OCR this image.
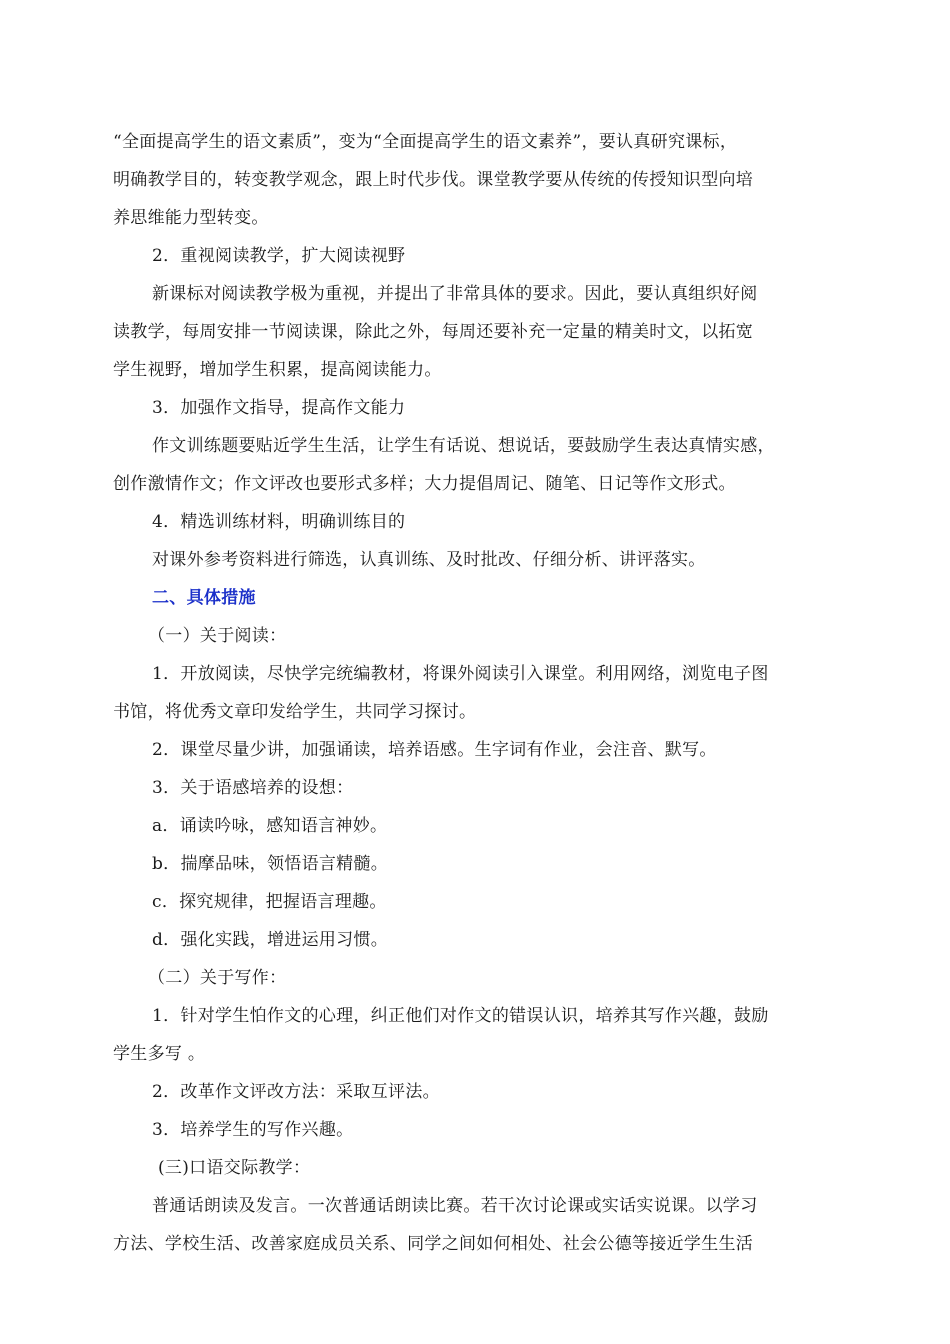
“全面提高学生的语文素质”，变为“全面提高学生的语文素养”，要认真研究课标，
明确教学目的，转变教学观念，跟上时代步伐。课堂教学要从传统的传授知识型向培
养思维能力型转变。
2．重视阅读教学，扩大阅读视野
新课标对阅读教学极为重视，并提出了非常具体的要求。因此，要认真组织好阅
读教学，每周安排一节阅读课，除此之外，每周还要补充一定量的精美时文，以拓宽
学生视野，增加学生积累，提高阅读能力。
3．加强作文指导，提高作文能力
作文训练题要贴近学生生活，让学生有话说、想说话，要鼓励学生表达真情实感，
创作激情作文；作文评改也要形式多样；大力提倡周记、随笔、日记等作文形式。
4．精选训练材料，明确训练目的
对课外参考资料进行筛选，认真训练、及时批改、仔细分析、讲评落实。
二、具体措施
（一）关于阅读：
1．开放阅读，尽快学完统编教材，将课外阅读引入课堂。利用网络，浏览电子图
书馆，将优秀文章印发给学生，共同学习探讨。
2．课堂尽量少讲，加强诵读，培养语感。生字词有作业，会注音、默写。
3．关于语感培养的设想：
a．诵读吟咏，感知语言神妙。
b．揣摩品味，领悟语言精髓。
c．探究规律，把握语言理趣。
d．强化实践，增进运用习惯。
（二）关于写作：
1．针对学生怕作文的心理，纠正他们对作文的错误认识，培养其写作兴趣，鼓励
学生多写 。
2．改革作文评改方法：采取互评法。
3．培养学生的写作兴趣。
(三)口语交际教学：
普通话朗读及发言。一次普通话朗读比赛。若干次讨论课或实话实说课。以学习
方法、学校生活、改善家庭成员关系、同学之间如何相处、社会公德等接近学生生活
